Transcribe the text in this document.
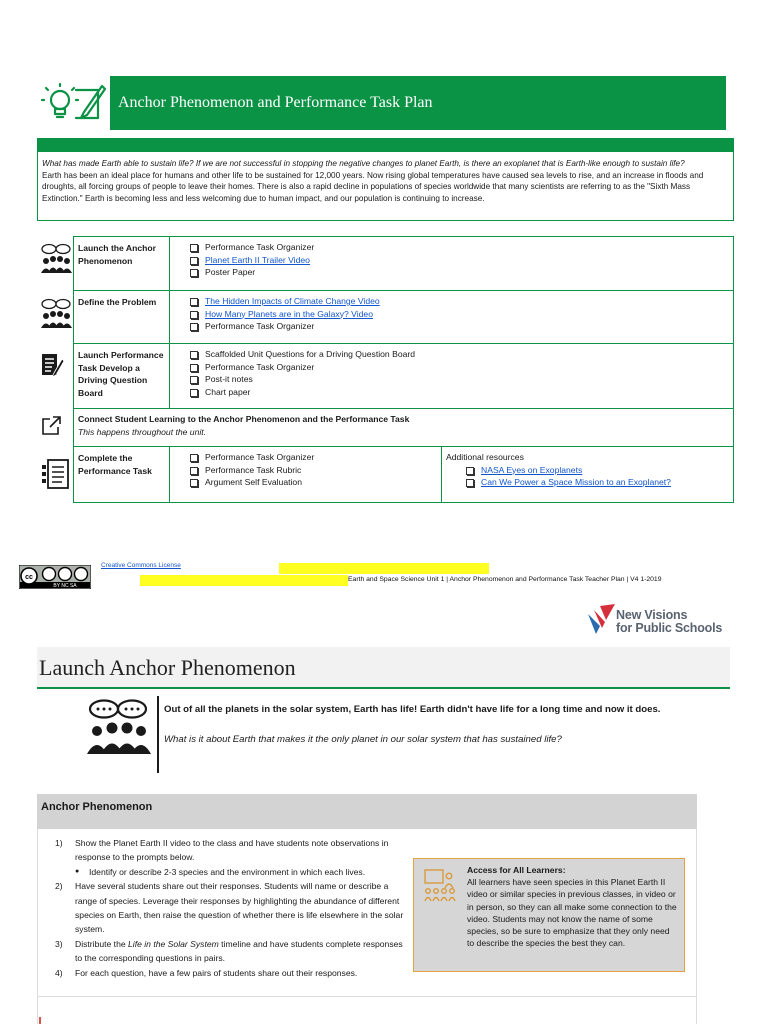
Anchor Phenomenon and Performance Task Plan
What has made Earth able to sustain life? If we are not successful in stopping the negative changes to planet Earth, is there an exoplanet that is Earth-like enough to sustain life?
Earth has been an ideal place for humans and other life to be sustained for 12,000 years. Now rising global temperatures have caused sea levels to rise, and an increase in floods and droughts, all forcing groups of people to leave their homes. There is also a rapid decline in populations of species worldwide that many scientists are referring to as the "Sixth Mass Extinction." Earth is becoming less and less welcoming due to human impact, and our population is continuing to increase.
Launch the Anchor Phenomenon
Performance Task Organizer
Planet Earth II Trailer Video
Poster Paper
Define the Problem	The Hidden Impacts of Climate Change Video
How Many Planets are in the Galaxy? Video
Performance Task Organizer
Launch Performance Task Develop a Driving Question Board
Scaffolded Unit Questions for a Driving Question Board
Performance Task Organizer
Post-it notes
Chart paper
Connect Student Learning to the Anchor Phenomenon and the Performance Task
This happens throughout the unit.
Complete the Performance Task
Performance Task Organizer
Performance Task Rubric
Argument Self Evaluation
Additional resources
NASA Eyes on Exoplanets
Can We Power a Space Mission to an Exoplanet?
cc
BY NC SA
Creative Commons License
Earth and Space Science Unit 1 | Anchor Phenomenon and Performance Task Teacher Plan | V4 1-2019
New Visions
for Public Schools
Launch Anchor Phenomenon
Out of all the planets in the solar system, Earth has life! Earth didn't have life for a long time and now it does.
What is it about Earth that makes it the only planet in our solar system that has sustained life?
Anchor Phenomenon
1) Show the Planet Earth II video to the class and have students note observations in response to the prompts below.
● Identify or describe 2-3 species and the environment in which each lives.
2) Have several students share out their responses. Students will name or describe a range of species. Leverage their responses by highlighting the abundance of different species on Earth, then raise the question of whether there is life elsewhere in the solar system.
3) Distribute the Life in the Solar System timeline and have students complete responses to the corresponding questions in pairs.
4) For each question, have a few pairs of students share out their responses.
Access for All Learners:
All learners have seen species in this Planet Earth II video or similar species in previous classes, in video or in person, so they can all make some connection to the video. Students may not know the name of some species, so be sure to emphasize that they only need to describe the species the best they can.
